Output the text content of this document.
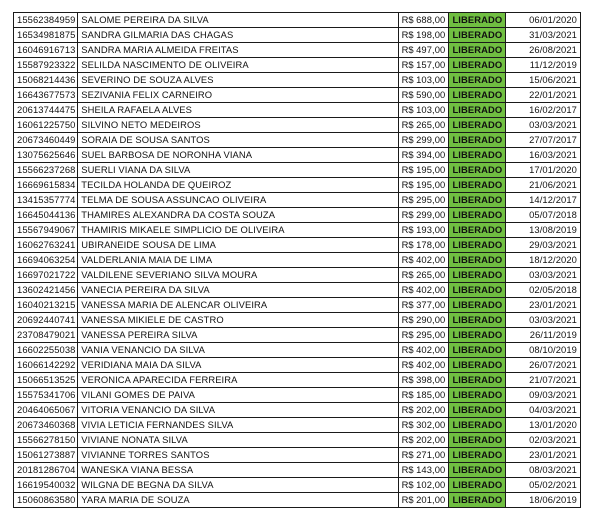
15562384959	SALOME PEREIRA DA SILVA	R$ 688,00	LIBERADO	06/01/2020
16534981875	SANDRA GILMARIA DAS CHAGAS	R$ 198,00	LIBERADO	31/03/2021
16046916713	SANDRA MARIA ALMEIDA FREITAS	R$ 497,00	LIBERADO	26/08/2021
15587923322	SELILDA NASCIMENTO DE OLIVEIRA	R$ 157,00	LIBERADO	11/12/2019
15068214436	SEVERINO DE SOUZA ALVES	R$ 103,00	LIBERADO	15/06/2021
16643677573	SEZIVANIA FELIX CARNEIRO	R$ 590,00	LIBERADO	22/01/2021
20613744475	SHEILA RAFAELA ALVES	R$ 103,00	LIBERADO	16/02/2017
16061225750	SILVINO NETO MEDEIROS	R$ 265,00	LIBERADO	03/03/2021
20673460449	SORAIA DE SOUSA SANTOS	R$ 299,00	LIBERADO	27/07/2017
13075625646	SUEL BARBOSA DE NORONHA VIANA	R$ 394,00	LIBERADO	16/03/2021
15566237268	SUERLI VIANA DA SILVA	R$ 195,00	LIBERADO	17/01/2020
16669615834	TECILDA HOLANDA DE QUEIROZ	R$ 195,00	LIBERADO	21/06/2021
13415357774	TELMA DE SOUSA ASSUNCAO OLIVEIRA	R$ 295,00	LIBERADO	14/12/2017
16645044136	THAMIRES ALEXANDRA DA COSTA SOUZA	R$ 299,00	LIBERADO	05/07/2018
15567949067	THAMIRIS MIKAELE SIMPLICIO DE OLIVEIRA	R$ 193,00	LIBERADO	13/08/2019
16062763241	UBIRANEIDE SOUSA DE LIMA	R$ 178,00	LIBERADO	29/03/2021
16694063254	VALDERLANIA MAIA DE LIMA	R$ 402,00	LIBERADO	18/12/2020
16697021722	VALDILENE SEVERIANO SILVA MOURA	R$ 265,00	LIBERADO	03/03/2021
13602421456	VANECIA PEREIRA DA SILVA	R$ 402,00	LIBERADO	02/05/2018
16040213215	VANESSA MARIA DE ALENCAR OLIVEIRA	R$ 377,00	LIBERADO	23/01/2021
20692440741	VANESSA MIKIELE DE CASTRO	R$ 290,00	LIBERADO	03/03/2021
23708479021	VANESSA PEREIRA SILVA	R$ 295,00	LIBERADO	26/11/2019
16602255038	VANIA VENANCIO DA SILVA	R$ 402,00	LIBERADO	08/10/2019
16066142292	VERIDIANA MAIA DA SILVA	R$ 402,00	LIBERADO	26/07/2021
15066513525	VERONICA APARECIDA FERREIRA	R$ 398,00	LIBERADO	21/07/2021
15575341706	VILANI GOMES DE PAIVA	R$ 185,00	LIBERADO	09/03/2021
20464065067	VITORIA VENANCIO DA SILVA	R$ 202,00	LIBERADO	04/03/2021
20673460368	VIVIA LETICIA FERNANDES SILVA	R$ 302,00	LIBERADO	13/01/2020
15566278150	VIVIANE NONATA SILVA	R$ 202,00	LIBERADO	02/03/2021
15061273887	VIVIANNE TORRES SANTOS	R$ 271,00	LIBERADO	23/01/2021
20181286704	WANESKA VIANA BESSA	R$ 143,00	LIBERADO	08/03/2021
16619540032	WILGNA DE BEGNA DA SILVA	R$ 102,00	LIBERADO	05/02/2021
15060863580	YARA MARIA DE SOUZA	R$ 201,00	LIBERADO	18/06/2019
